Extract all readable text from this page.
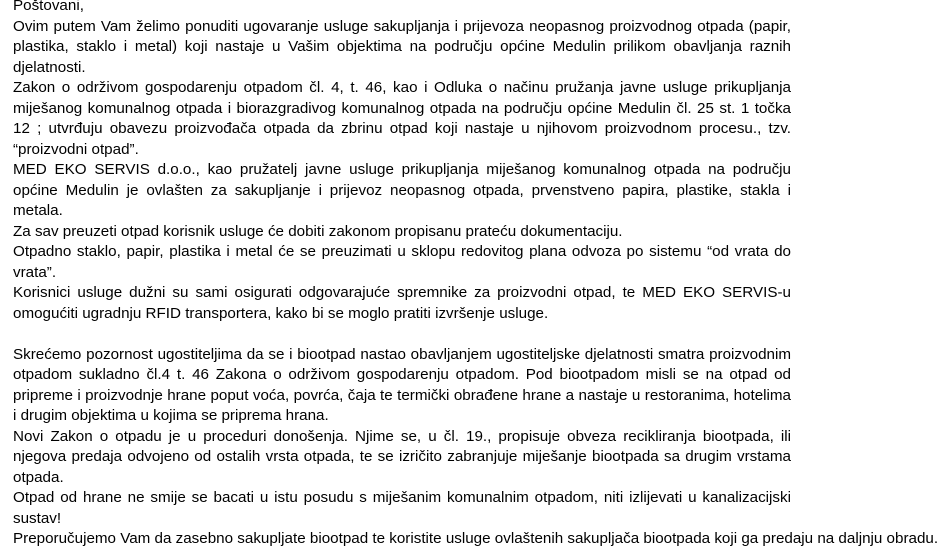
Poštovani,

Ovim putem Vam želimo ponuditi ugovaranje usluge sakupljanja i prijevoza neopasnog proizvodnog otpada (papir, plastika, staklo i metal) koji nastaje u Vašim objektima na području općine Medulin prilikom obavljanja raznih djelatnosti.

Zakon o održivom gospodarenju otpadom čl. 4, t. 46, kao i Odluka o načinu pružanja javne usluge prikupljanja miješanog komunalnog otpada i biorazgradivog komunalnog otpada na području općine Medulin čl. 25 st. 1 točka 12 ; utvrđuju obavezu proizvođača otpada da zbrinu otpad koji nastaje u njihovom proizvodnom procesu., tzv. “proizvodni otpad”.

MED EKO SERVIS d.o.o., kao pružatelj javne usluge prikupljanja miješanog komunalnog otpada na području općine Medulin je ovlašten za sakupljanje i prijevoz neopasnog otpada, prvenstveno papira, plastike, stakla i metala.

Za sav preuzeti otpad korisnik usluge će dobiti zakonom propisanu prateću dokumentaciju.

Otpadno staklo, papir, plastika i metal će se preuzimati u sklopu redovitog plana odvoza po sistemu “od vrata do vrata”.

Korisnici usluge dužni su sami osigurati odgovarajuće spremnike za proizvodni otpad, te MED EKO SERVIS-u omogućiti ugradnju RFID transportera, kako bi se moglo pratiti izvršenje usluge.

Skrećemo pozornost ugostiteljima da se i biootpad nastao obavljanjem ugostiteljske djelatnosti smatra proizvodnim otpadom sukladno čl.4 t. 46 Zakona o održivom gospodarenju otpadom. Pod biootpadom misli se na otpad od pripreme i proizvodnje hrane poput voća, povrća, čaja te termički obrađene hrane a nastaje u restoranima, hotelima i drugim objektima u kojima se priprema hrana.

Novi Zakon o otpadu je u proceduri donošenja. Njime se, u čl. 19., propisuje obveza recikliranja biootpada, ili njegova predaja odvojeno od ostalih vrsta otpada, te se izričito zabranjuje miješanje biootpada sa drugim vrstama otpada.

Otpad od hrane ne smije se bacati u istu posudu s miješanim komunalnim otpadom, niti izlijevati u kanalizacijski sustav!

Preporučujemo Vam da zasebno sakupljate biootpad te koristite usluge ovlaštenih sakupljača biootpada koji ga predaju na daljnju obradu.
